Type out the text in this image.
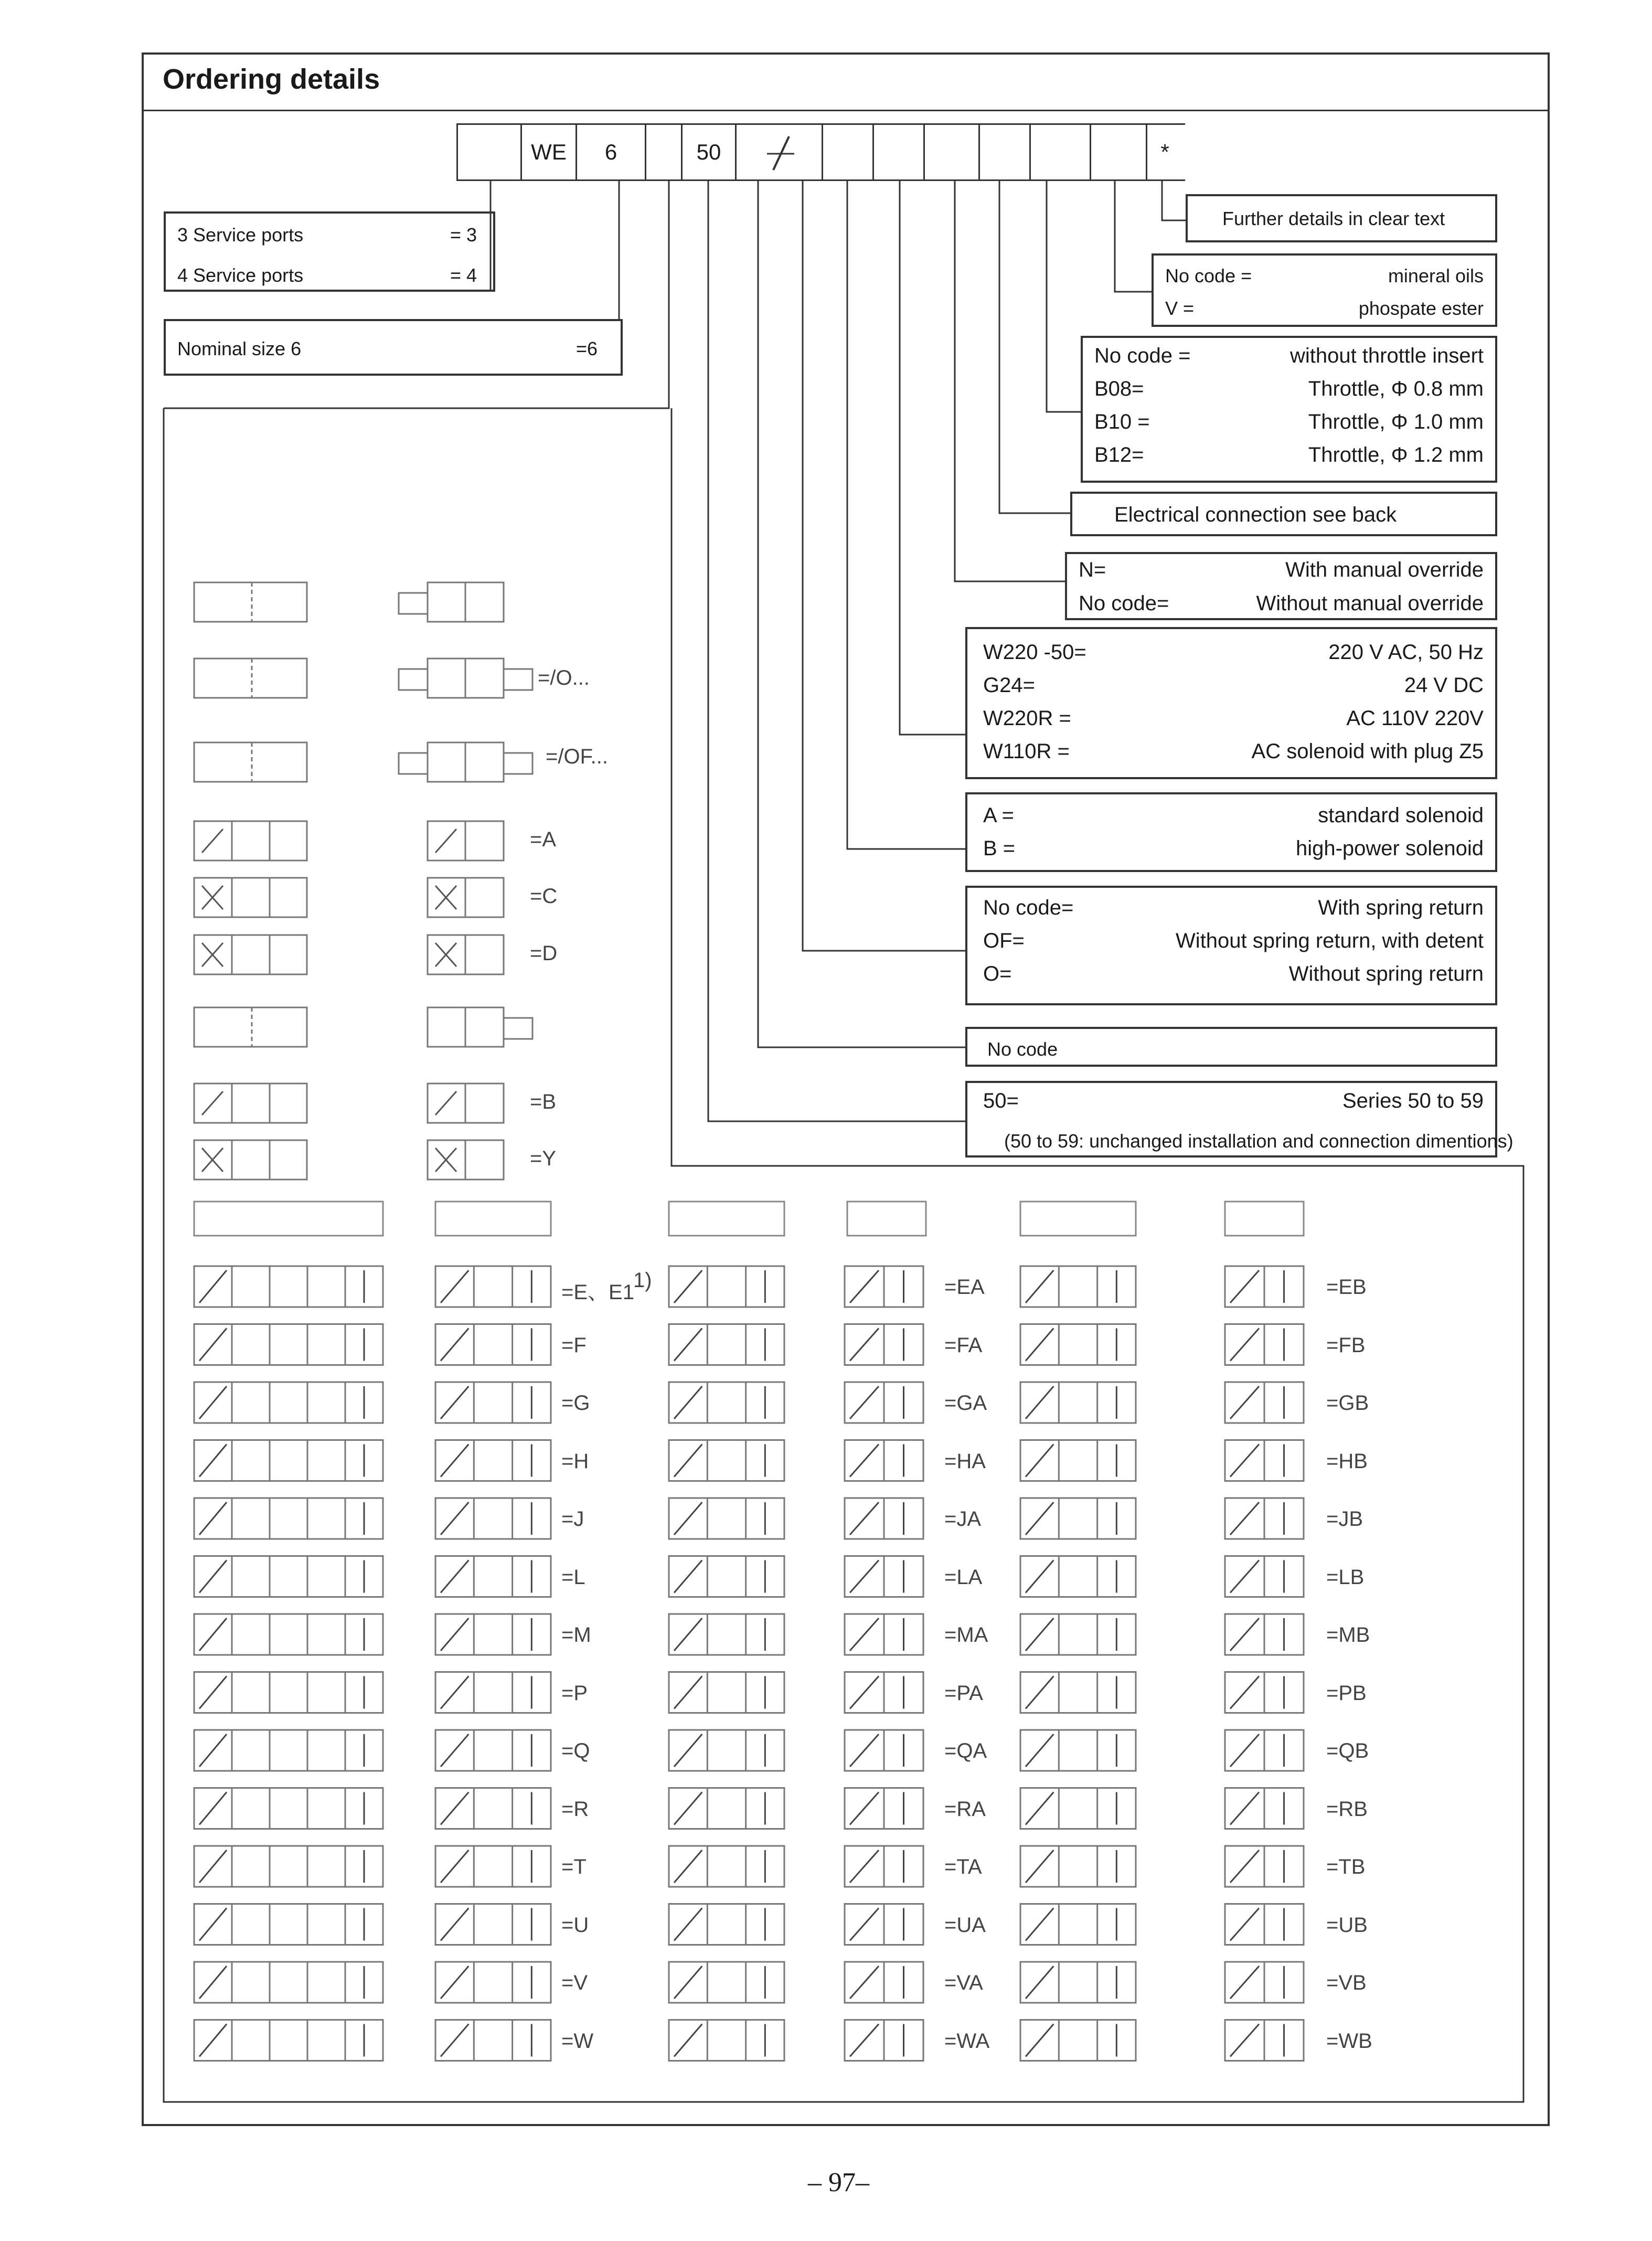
Ordering details
WE	6	50	*
3 Service ports	= 3
4 Service ports	= 4
Nominal size 6	=6
Further details in clear text
No code =	mineral oils
V =	phospate ester
No code =	without throttle insert
B08=	Throttle, Φ 0.8 mm
B10 =	Throttle, Φ 1.0 mm
B12=	Throttle, Φ 1.2 mm
Electrical connection see back
N=	With manual override
No code=	Without manual override
W220 -50=	220 V AC, 50 Hz
G24=	24 V DC
W220R =	AC 110V 220V
W110R =	AC solenoid with plug Z5
A =	standard solenoid
B =	high-power solenoid
No code=	With spring return
OF=	Without spring return, with detent
O=	Without spring return
No code
50=	Series 50 to 59
(50 to 59: unchanged installation and connection dimentions)
=/O...
=/OF...
=A
=C
=D
=B
=Y
=E、E1	=EA	=EB
=F	=FA	=FB
=G	=GA	=GB
=H	=HA	=HB
=J	=JA	=JB
=L	=LA	=LB
=M	=MA	=MB
=P	=PA	=PB
=Q	=QA	=QB
=R	=RA	=RB
=T	=TA	=TB
=U	=UA	=UB
=V	=VA	=VB
=W	=WA	=WB
1)
– 97–
